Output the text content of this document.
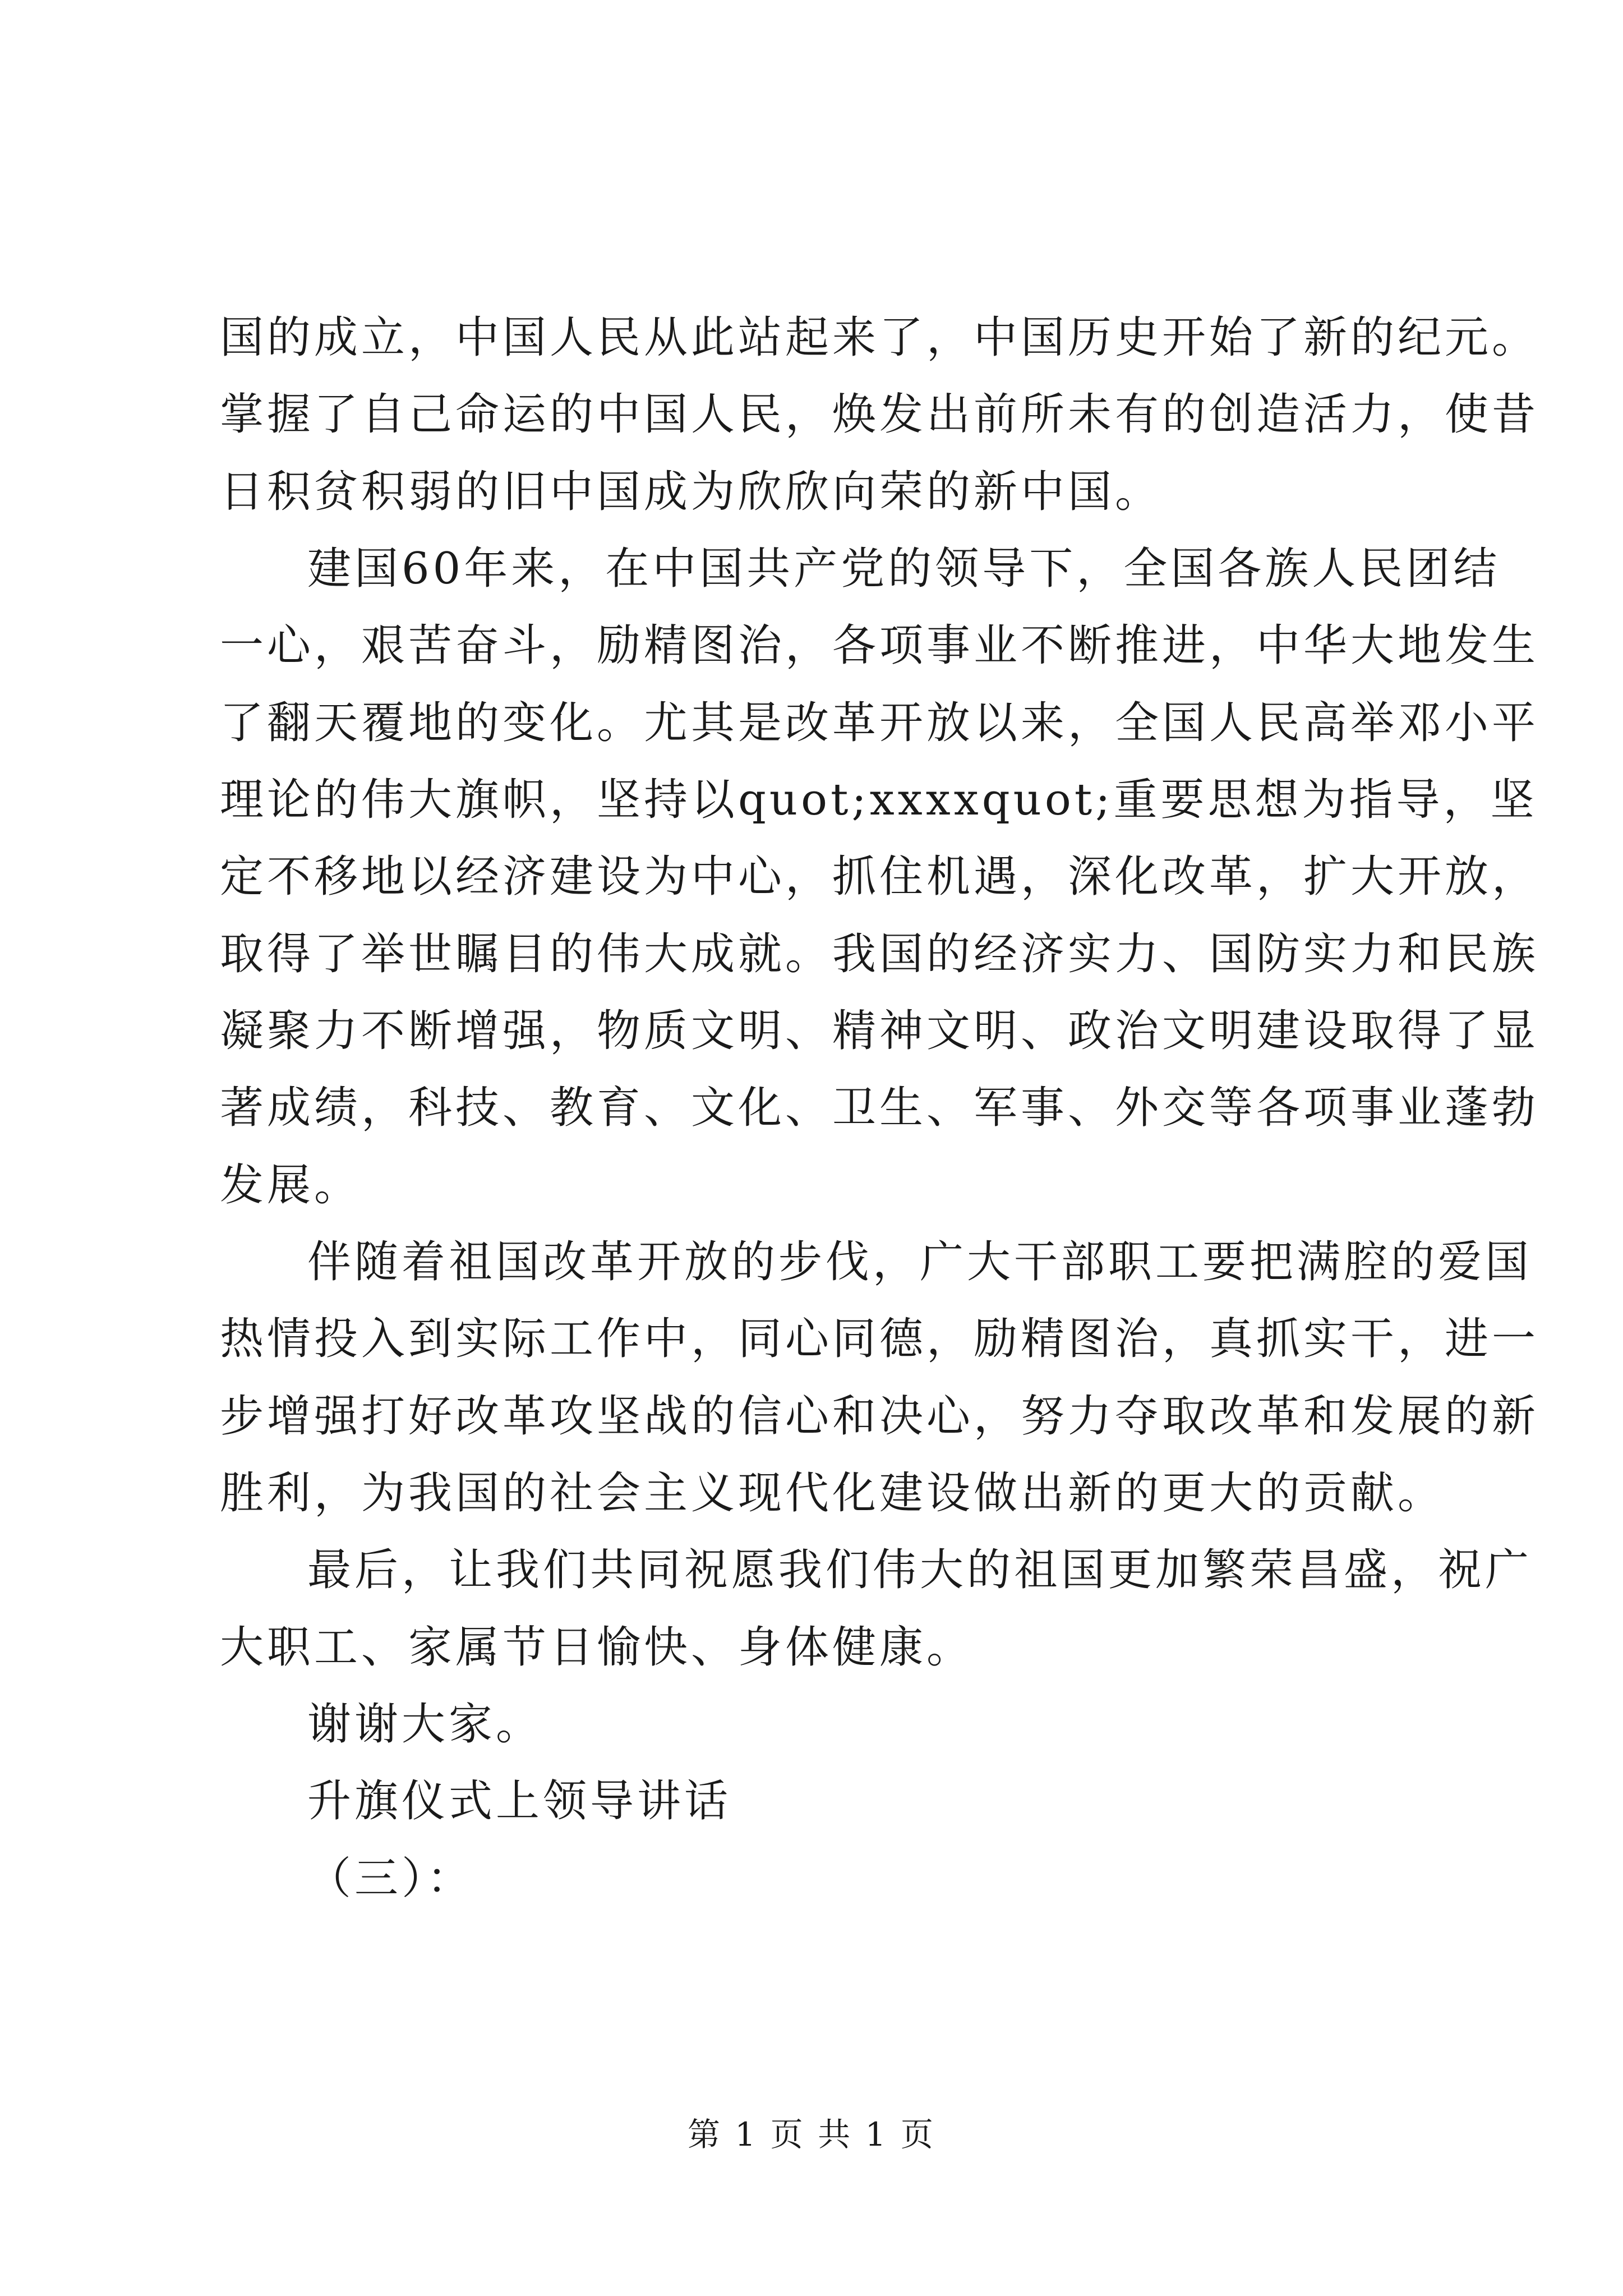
国的成立，中国人民从此站起来了，中国历史开始了新的纪元。
掌握了自己命运的中国人民，焕发出前所未有的创造活力，使昔
日积贫积弱的旧中国成为欣欣向荣的新中国。
建国60年来，在中国共产党的领导下，全国各族人民团结
一心，艰苦奋斗，励精图治，各项事业不断推进，中华大地发生
了翻天覆地的变化。尤其是改革开放以来，全国人民高举邓小平
理论的伟大旗帜，坚持以quot;xxxxquot;重要思想为指导，坚
定不移地以经济建设为中心，抓住机遇，深化改革，扩大开放，
取得了举世瞩目的伟大成就。我国的经济实力、国防实力和民族
凝聚力不断增强，物质文明、精神文明、政治文明建设取得了显
著成绩，科技、教育、文化、卫生、军事、外交等各项事业蓬勃
发展。
伴随着祖国改革开放的步伐，广大干部职工要把满腔的爱国
热情投入到实际工作中，同心同德，励精图治，真抓实干，进一
步增强打好改革攻坚战的信心和决心，努力夺取改革和发展的新
胜利，为我国的社会主义现代化建设做出新的更大的贡献。
最后，让我们共同祝愿我们伟大的祖国更加繁荣昌盛，祝广
大职工、家属节日愉快、身体健康。
谢谢大家。
升旗仪式上领导讲话
（三）：
第 1 页 共 1 页
